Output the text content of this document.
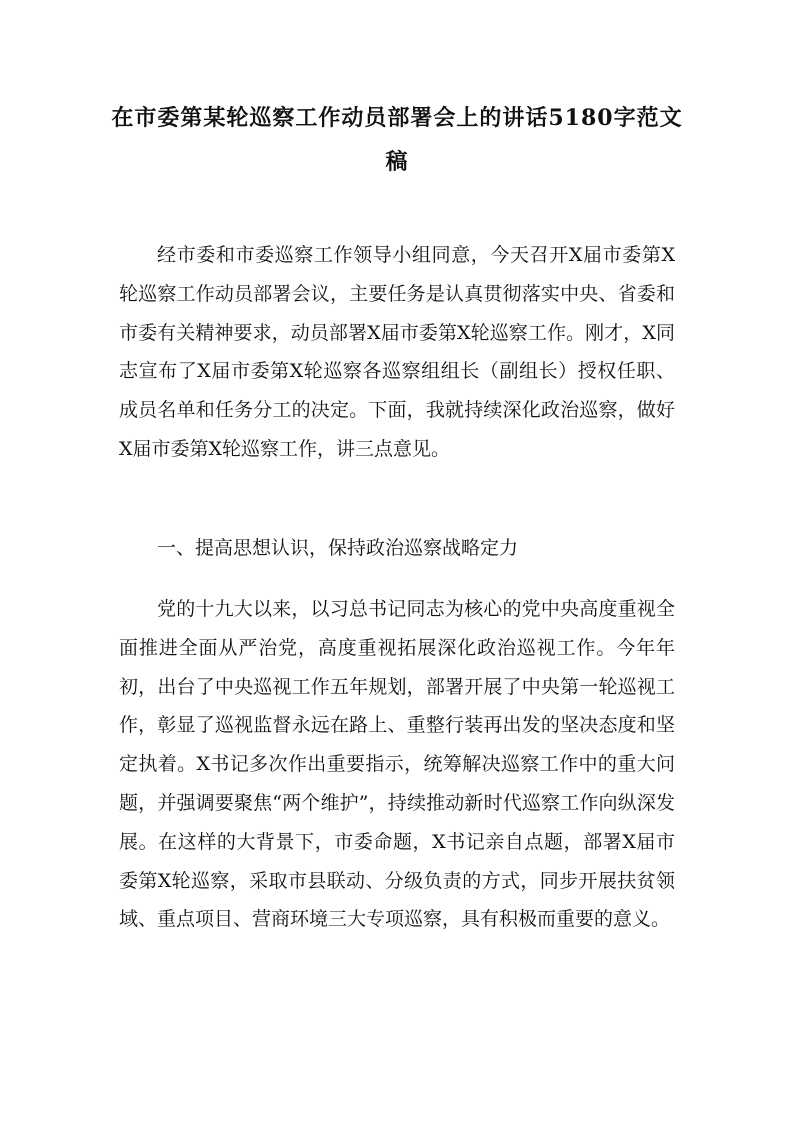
在市委第某轮巡察工作动员部署会上的讲话5180字范文稿

经市委和市委巡察工作领导小组同意，今天召开X届市委第X轮巡察工作动员部署会议，主要任务是认真贯彻落实中央、省委和市委有关精神要求，动员部署X届市委第X轮巡察工作。刚才，X同志宣布了X届市委第X轮巡察各巡察组组长（副组长）授权任职、成员名单和任务分工的决定。下面，我就持续深化政治巡察，做好X届市委第X轮巡察工作，讲三点意见。

一、提高思想认识，保持政治巡察战略定力

党的十九大以来，以习总书记同志为核心的党中央高度重视全面推进全面从严治党，高度重视拓展深化政治巡视工作。今年年初，出台了中央巡视工作五年规划，部署开展了中央第一轮巡视工作，彰显了巡视监督永远在路上、重整行装再出发的坚决态度和坚定执着。X书记多次作出重要指示，统筹解决巡察工作中的重大问题，并强调要聚焦“两个维护”，持续推动新时代巡察工作向纵深发展。在这样的大背景下，市委命题，X书记亲自点题，部署X届市委第X轮巡察，采取市县联动、分级负责的方式，同步开展扶贫领域、重点项目、营商环境三大专项巡察，具有积极而重要的意义。
